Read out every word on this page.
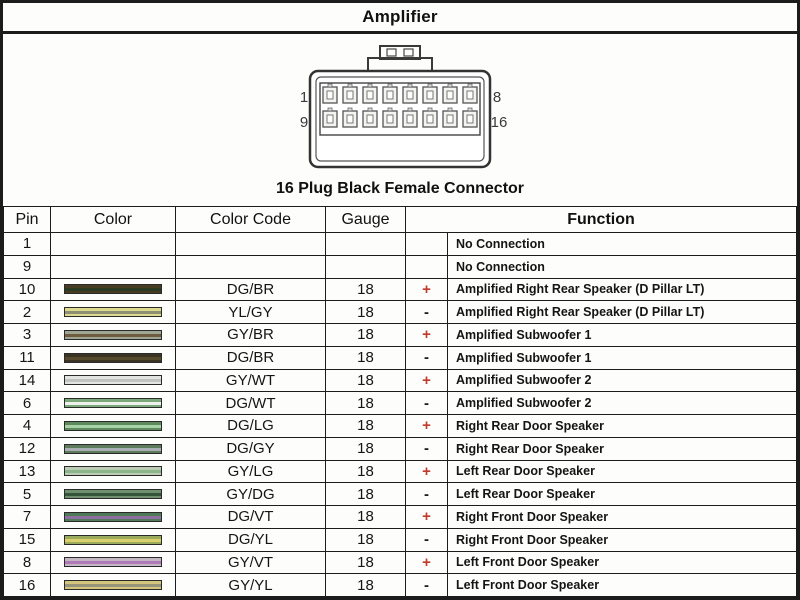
Amplifier
1	8
9	16
16 Plug Black Female Connector
Pin	Color	Color Code	Gauge	Function	
1					No Connection
9					No Connection
10		DG/BR	18	+	Amplified Right Rear Speaker (D Pillar LT)
2		YL/GY	18	-	Amplified Right Rear Speaker (D Pillar LT)
3		GY/BR	18	+	Amplified Subwoofer 1
11		DG/BR	18	-	Amplified Subwoofer 1
14		GY/WT	18	+	Amplified Subwoofer 2
6		DG/WT	18	-	Amplified Subwoofer 2
4		DG/LG	18	+	Right Rear Door Speaker
12		DG/GY	18	-	Right Rear Door Speaker
13		GY/LG	18	+	Left Rear Door Speaker
5		GY/DG	18	-	Left Rear Door Speaker
7		DG/VT	18	+	Right Front Door Speaker
15		DG/YL	18	-	Right Front Door Speaker
8		GY/VT	18	+	Left Front Door Speaker
16		GY/YL	18	-	Left Front Door Speaker
